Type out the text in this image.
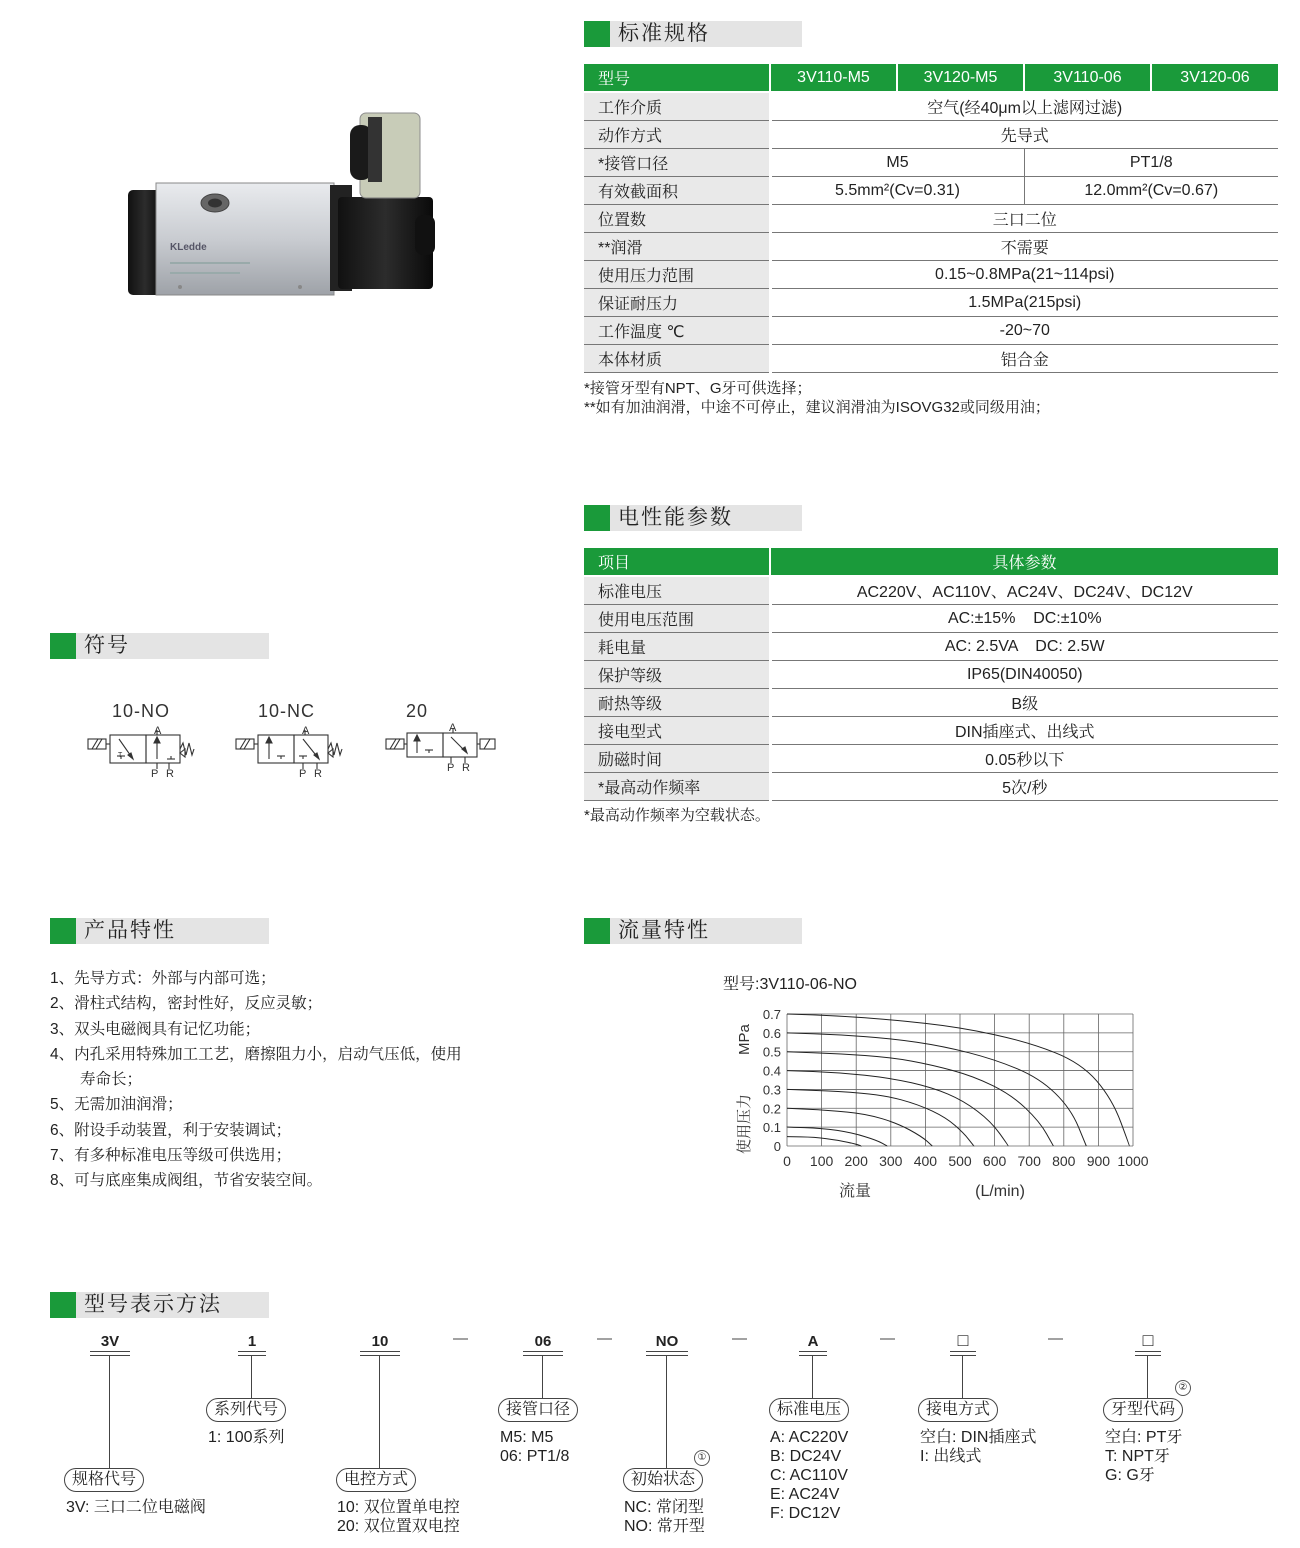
KLedde
标准规格
型号	3V110-M5	3V120-M5	3V110-06	3V120-06
工作介质	空气(经40μm以上滤网过滤)			
动作方式	先导式			
*接管口径	M5		PT1/8	
有效截面积	5.5mm²(Cv=0.31)		12.0mm²(Cv=0.67)	
位置数	三口二位			
**润滑	不需要			
使用压力范围	0.15~0.8MPa(21~114psi)			
保证耐压力	1.5MPa(215psi)			
工作温度 ℃	-20~70			
本体材质	铝合金			
*接管牙型有NPT、G牙可供选择；
**如有加油润滑，中途不可停止，建议润滑油为ISOVG32或同级用油；
电性能参数
项目	具体参数
标准电压	AC220V、AC110V、AC24V、DC24V、DC12V
使用电压范围	AC:±15%    DC:±10%
耗电量	AC: 2.5VA    DC: 2.5W
保护等级	IP65(DIN40050)
耐热等级	B级
接电型式	DIN插座式、出线式
励磁时间	0.05秒以下
*最高动作频率	5次/秒
*最高动作频率为空载状态。
符号
10-NO	10-NC	20
A
P R
T
A
P R
A
P R
产品特性
1、先导方式：外部与内部可选；
2、滑柱式结构，密封性好，反应灵敏；
3、双头电磁阀具有记忆功能；
4、内孔采用特殊加工工艺，磨擦阻力小，启动气压低，使用
寿命长；
5、无需加油润滑；
6、附设手动装置，利于安装调试；
7、有多种标准电压等级可供选用；
8、可与底座集成阀组，节省安装空间。
流量特性
型号:3V110-06-NO
0 100 200 300 400 500 600 700 800 900 1000
0
0.1
0.2
0.3
0.4
0.5
0.6
0.7
使用压力
MPa
流量	(L/min)
型号表示方法
3V	1	10	—	06	—	NO	—	A	—	□	—	□
规格代号
3V: 三口二位电磁阀
系列代号
1: 100系列
电控方式
10: 双位置单电控
20: 双位置双电控
接管口径
M5: M5
06: PT1/8	①
初始状态
NC: 常闭型
NO: 常开型
标准电压
A: AC220V
B: DC24V
C: AC110V
E: AC24V
F: DC12V
接电方式
空白: DIN插座式
I: 出线式
②
牙型代码
空白: PT牙
T: NPT牙
G: G牙
